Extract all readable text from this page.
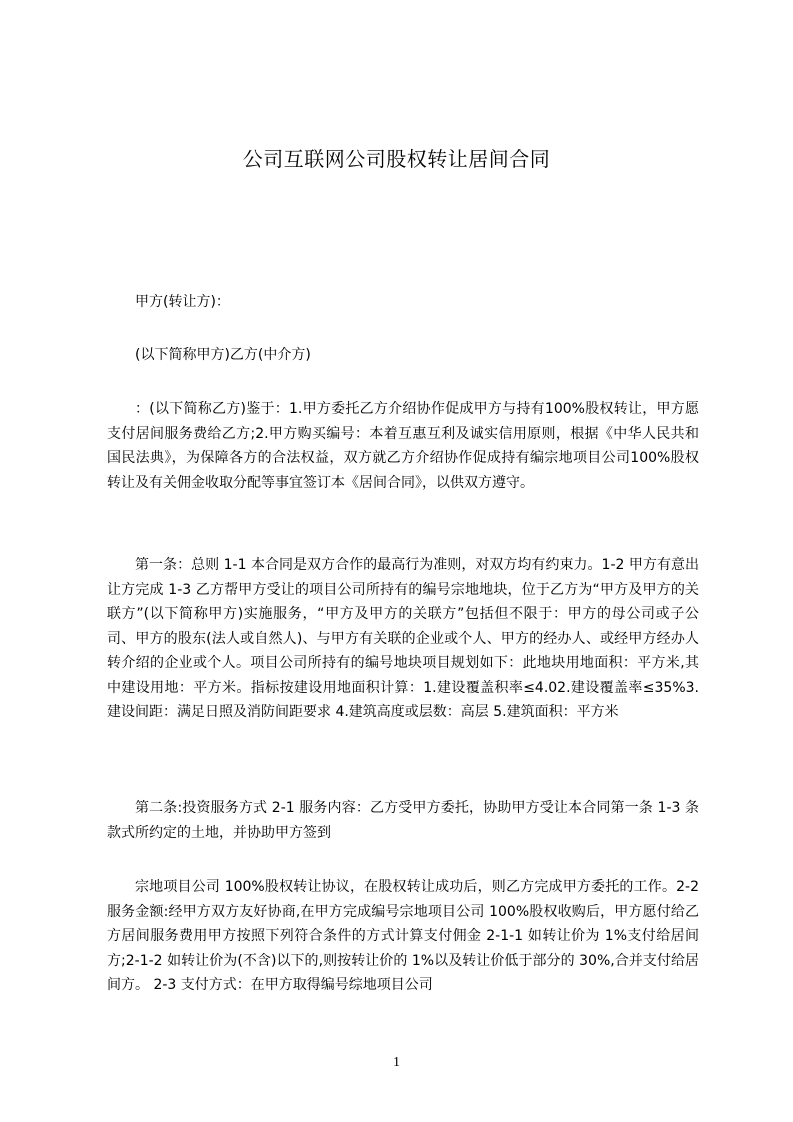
公司互联网公司股权转让居间合同

甲方(转让方)：

(以下简称甲方)乙方(中介方)

：(以下简称乙方)鉴于：1.甲方委托乙方介绍协作促成甲方与持有100%股权转让，甲方愿支付居间服务费给乙方;2.甲方购买编号：本着互惠互利及诚实信用原则，根据《中华人民共和国民法典》，为保障各方的合法权益，双方就乙方介绍协作促成持有编宗地项目公司100%股权转让及有关佣金收取分配等事宜签订本《居间合同》，以供双方遵守。

第一条：总则 1-1 本合同是双方合作的最高行为准则，对双方均有约束力。1-2 甲方有意出让方完成 1-3 乙方帮甲方受让的项目公司所持有的编号宗地地块，位于乙方为“甲方及甲方的关联方”(以下简称甲方)实施服务，“甲方及甲方的关联方”包括但不限于：甲方的母公司或子公司、甲方的股东(法人或自然人)、与甲方有关联的企业或个人、甲方的经办人、或经甲方经办人转介绍的企业或个人。项目公司所持有的编号地块项目规划如下：此地块用地面积：平方米,其中建设用地：平方米。指标按建设用地面积计算：1.建设覆盖积率≤4.02.建设覆盖率≤35%3.建设间距：满足日照及消防间距要求 4.建筑高度或层数：高层 5.建筑面积：平方米

第二条:投资服务方式 2-1 服务内容：乙方受甲方委托，协助甲方受让本合同第一条 1-3 条款式所约定的土地，并协助甲方签到

宗地项目公司 100%股权转让协议，在股权转让成功后，则乙方完成甲方委托的工作。2-2 服务金额:经甲方双方友好协商,在甲方完成编号宗地项目公司 100%股权收购后，甲方愿付给乙方居间服务费用甲方按照下列符合条件的方式计算支付佣金 2-1-1 如转让价为 1%支付给居间方;2-1-2 如转让价为(不含)以下的,则按转让价的 1%以及转让价低于部分的 30%,合并支付给居间方。 2-3 支付方式：在甲方取得编号综地项目公司

1
